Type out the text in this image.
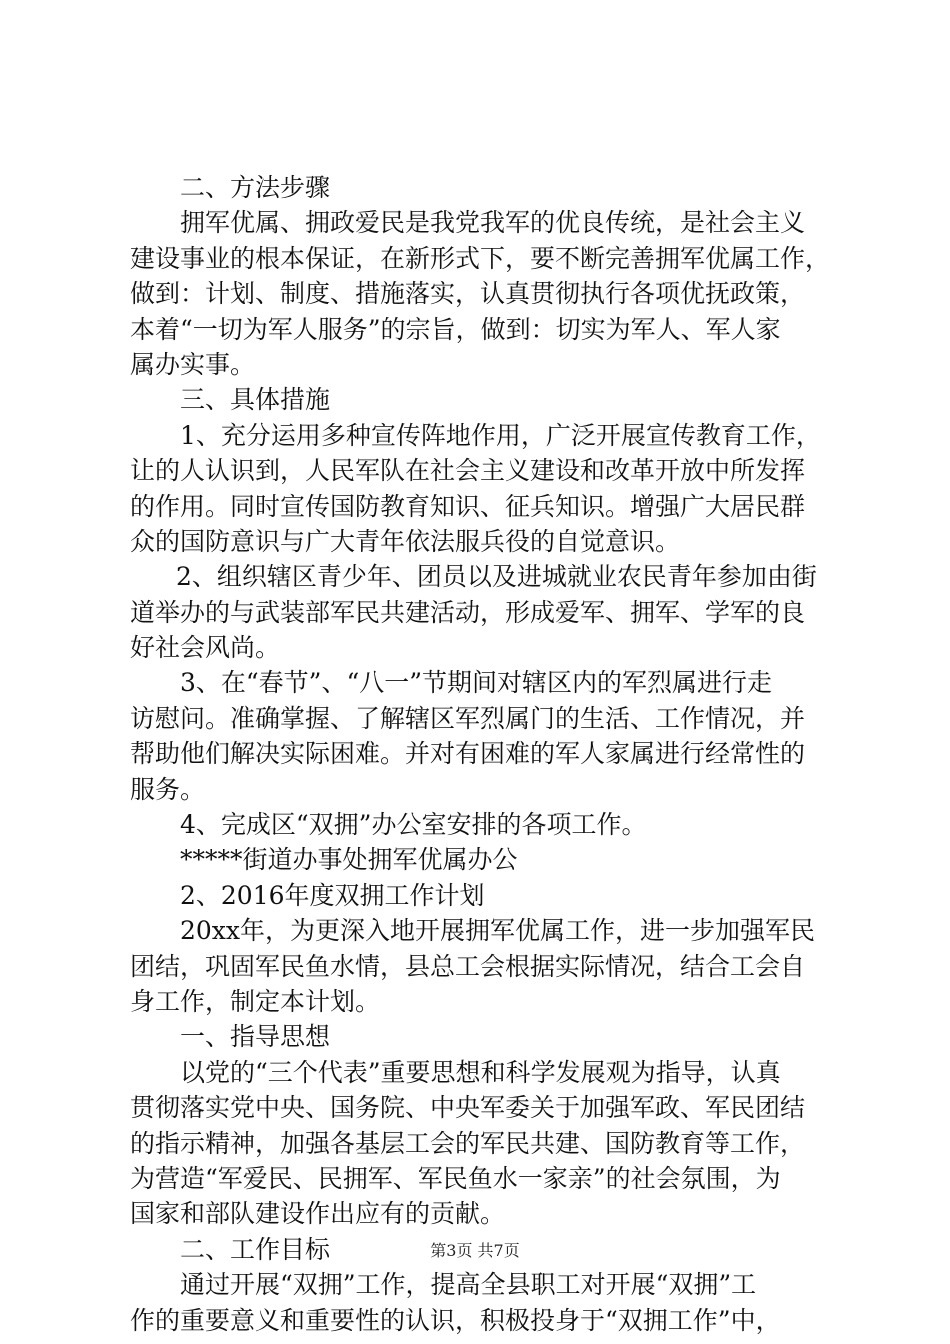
二、方法步骤
拥军优属、拥政爱民是我党我军的优良传统，是社会主义
建设事业的根本保证，在新形式下，要不断完善拥军优属工作，
做到：计划、制度、措施落实，认真贯彻执行各项优抚政策，
本着“一切为军人服务”的宗旨，做到：切实为军人、军人家
属办实事。
三、具体措施
1、充分运用多种宣传阵地作用，广泛开展宣传教育工作，
让的人认识到，人民军队在社会主义建设和改革开放中所发挥
的作用。同时宣传国防教育知识、征兵知识。增强广大居民群
众的国防意识与广大青年依法服兵役的自觉意识。
2、组织辖区青少年、团员以及进城就业农民青年参加由街
道举办的与武装部军民共建活动，形成爱军、拥军、学军的良
好社会风尚。
3、在“春节”、“八一”节期间对辖区内的军烈属进行走
访慰问。准确掌握、了解辖区军烈属门的生活、工作情况，并
帮助他们解决实际困难。并对有困难的军人家属进行经常性的
服务。
4、完成区“双拥”办公室安排的各项工作。
*****街道办事处拥军优属办公
2、2016年度双拥工作计划
20xx年，为更深入地开展拥军优属工作，进一步加强军民
团结，巩固军民鱼水情，县总工会根据实际情况，结合工会自
身工作，制定本计划。
一、指导思想
以党的“三个代表”重要思想和科学发展观为指导，认真
贯彻落实党中央、国务院、中央军委关于加强军政、军民团结
的指示精神，加强各基层工会的军民共建、国防教育等工作，
为营造“军爱民、民拥军、军民鱼水一家亲”的社会氛围，为
国家和部队建设作出应有的贡献。
二、工作目标
通过开展“双拥”工作，提高全县职工对开展“双拥”工
作的重要意义和重要性的认识，积极投身于“双拥工作”中，
第3页 共7页
